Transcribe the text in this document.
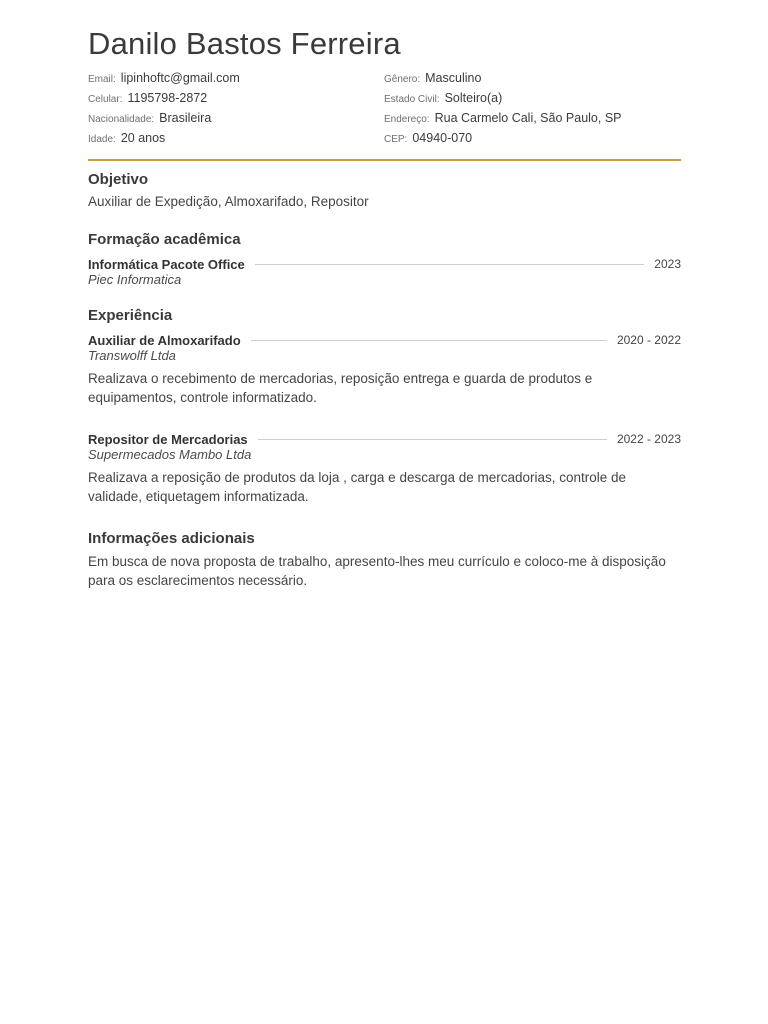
Danilo Bastos Ferreira
Email: lipinhoftc@gmail.com
Celular: 1195798-2872
Nacionalidade: Brasileira
Idade: 20 anos
Gênero: Masculino
Estado Civil: Solteiro(a)
Endereço: Rua Carmelo Cali, São Paulo, SP
CEP: 04940-070
Objetivo
Auxiliar de Expedição, Almoxarifado, Repositor
Formação acadêmica
Informática Pacote Office	2023
Piec Informatica
Experiência
Auxiliar de Almoxarifado	2020 - 2022
Transwolff Ltda
Realizava o recebimento de mercadorias, reposição entrega e guarda de produtos e equipamentos, controle informatizado.
Repositor de Mercadorias	2022 - 2023
Supermecados Mambo Ltda
Realizava a reposição de produtos da loja , carga e descarga de mercadorias, controle de validade, etiquetagem informatizada.
Informações adicionais
Em busca de nova proposta de trabalho, apresento-lhes meu currículo e coloco-me à disposição para os esclarecimentos necessário.
